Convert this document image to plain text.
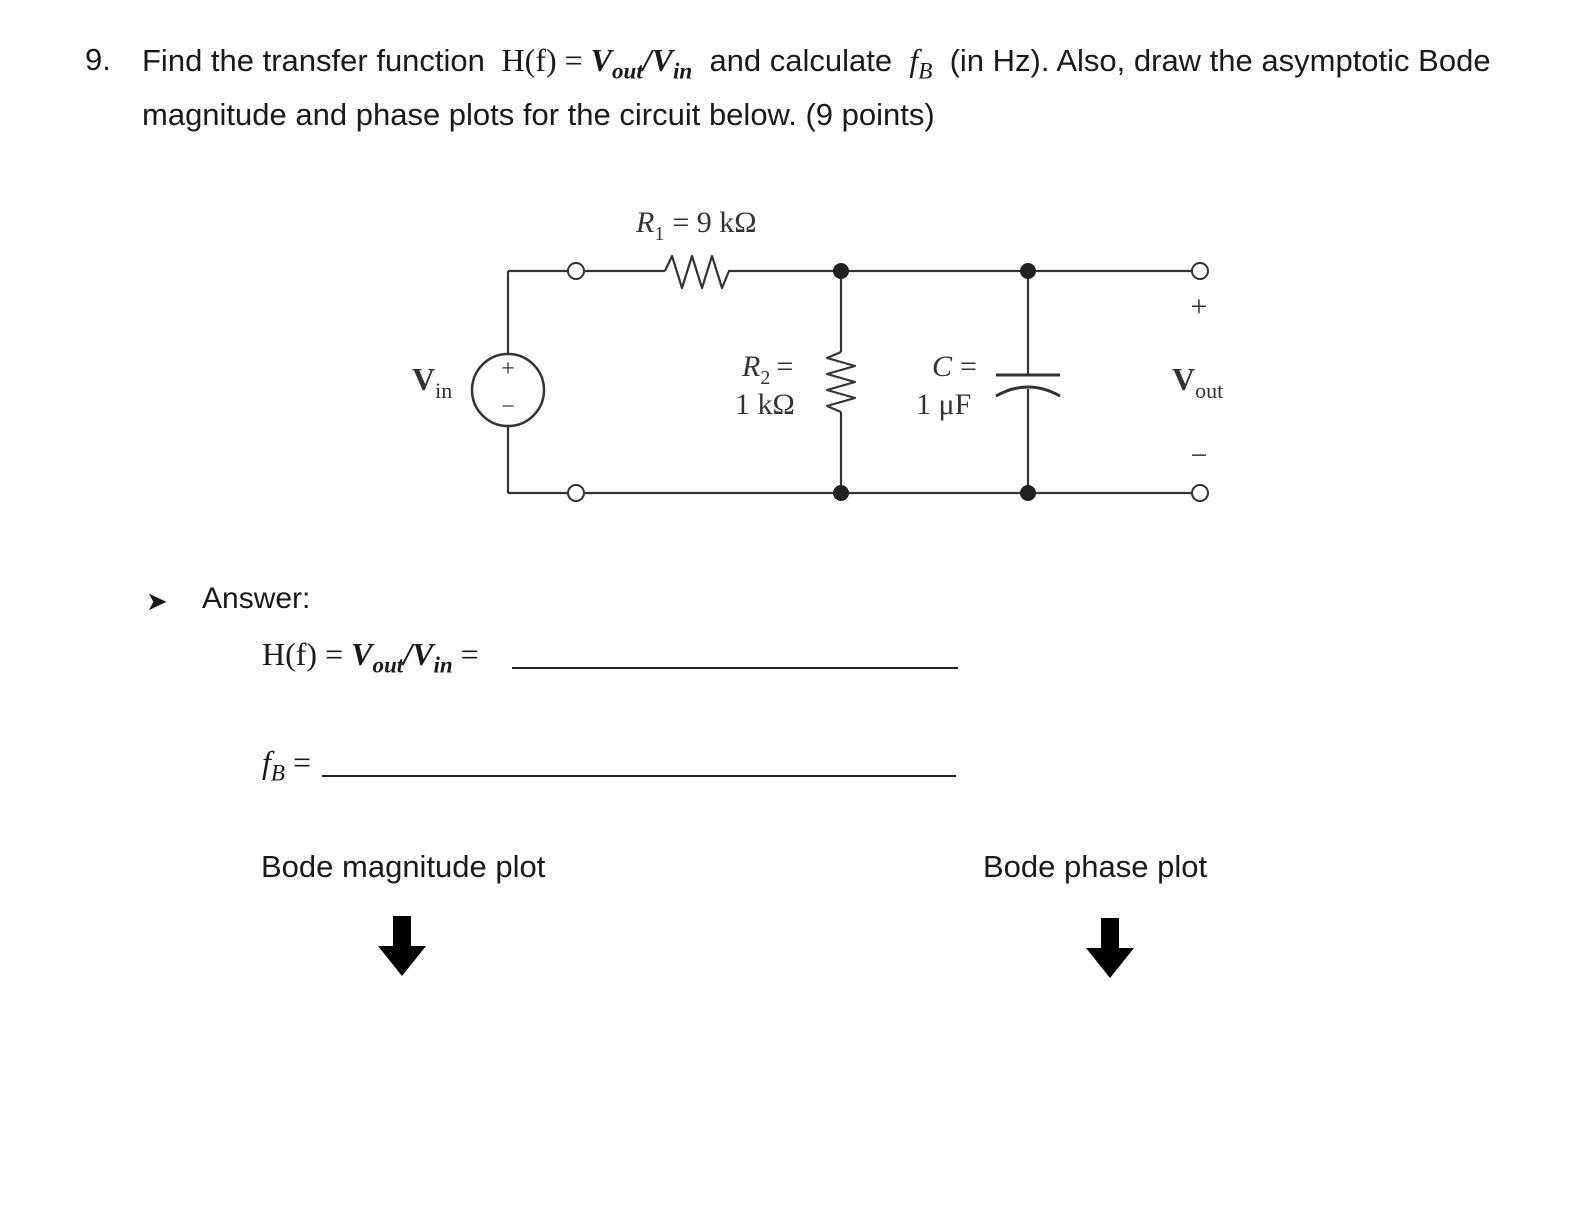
9. Find the transfer function $H(f) = V_{out}/V_{in}$ and calculate $f_B$ (in Hz). Also, draw the asymptotic Bode
magnitude and phase plots for the circuit below. (9 points)
+
−
$R_1 = 9$ kΩ
$R_2$ =
1 kΩ
C =
1 μF
$V_{in}$	$V_{out}$
+
−
➤ Answer:
$H(f) = V_{out}/V_{in}$ =
$f_B$ =
Bode magnitude plot	Bode phase plot
